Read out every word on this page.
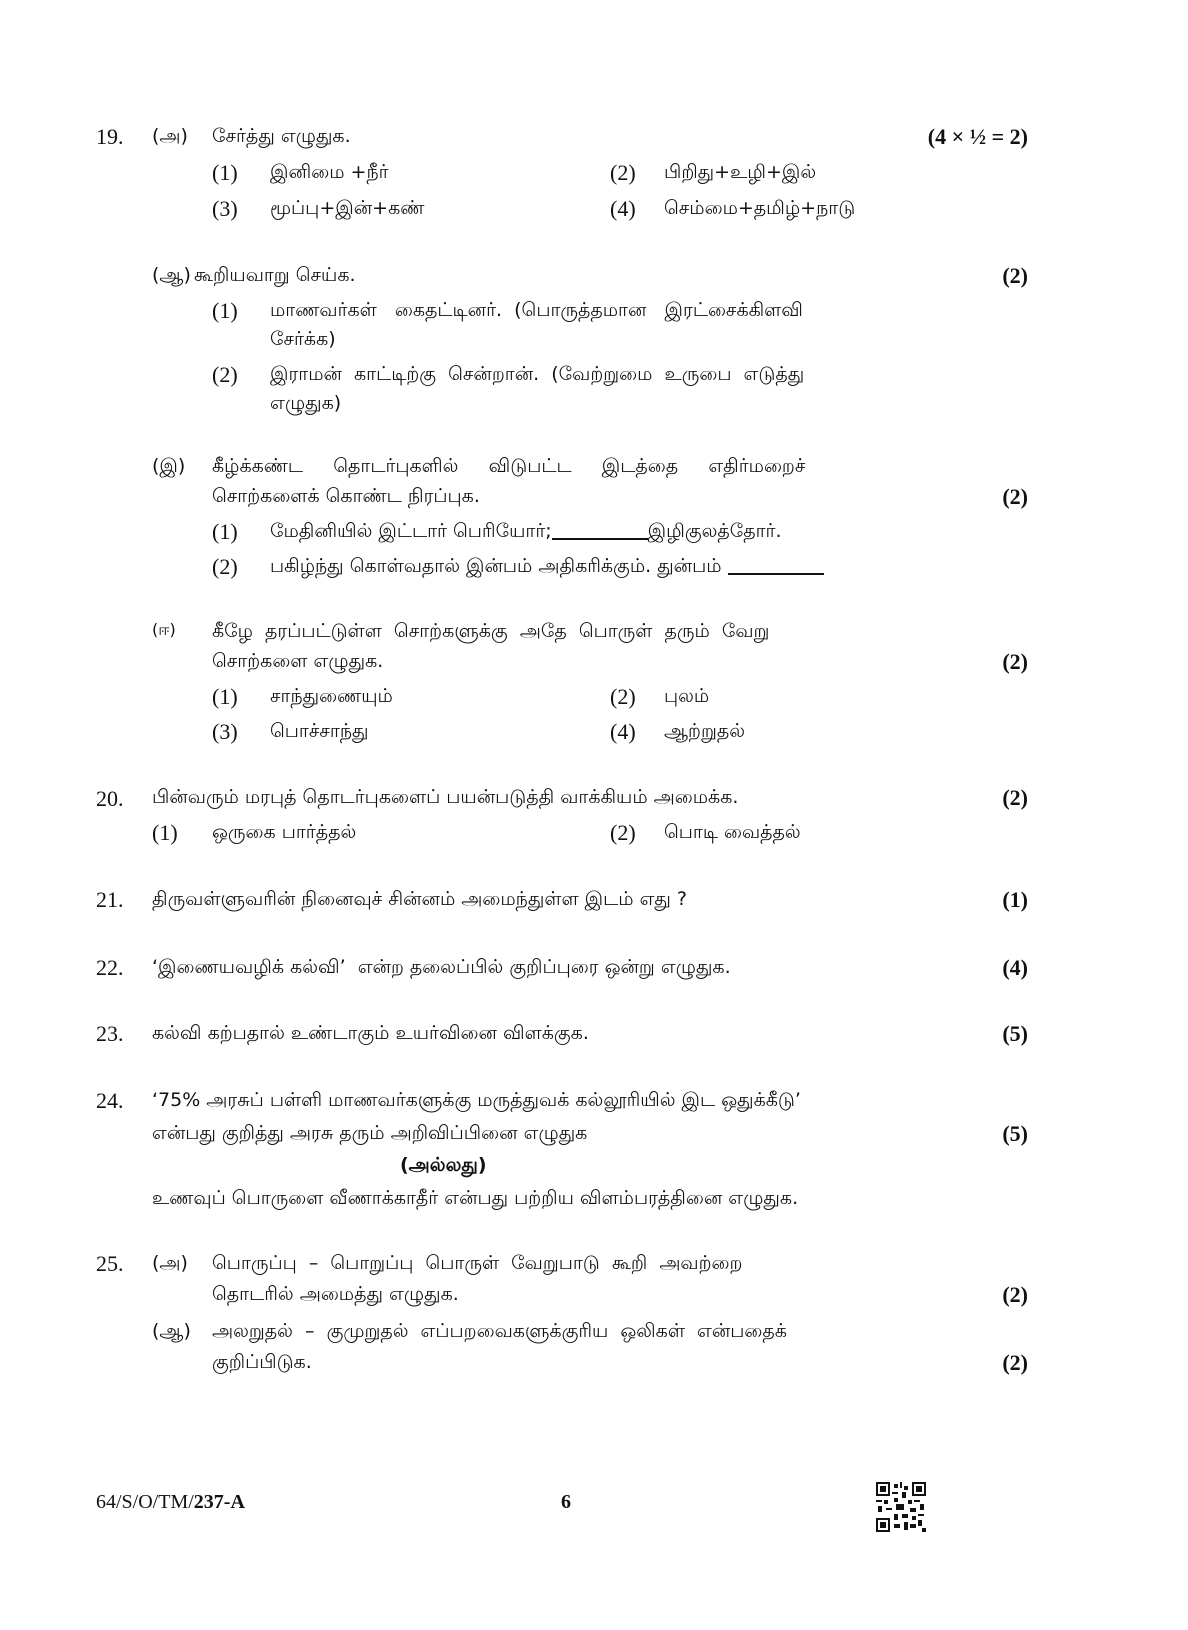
19. (அ) சேர்த்து எழுதுக.	(4 × ½ = 2)
(1) இனிமை +நீர்	(2) பிறிது+உழி+இல்
(3) மூப்பு+இன்+கண்	(4) செம்மை+தமிழ்+நாடு
(ஆ) கூறியவாறு செய்க.	(2)
(1) மாணவர்கள்   கைதட்டினர்.  (பொருத்தமான   இரட்சைக்கிளவி
சேர்க்க)
(2) இராமன்  காட்டிற்கு  சென்றான்.  (வேற்றுமை  உருபை  எடுத்து
எழுதுக)
(இ) கீழ்க்கண்ட     தொடர்புகளில்     விடுபட்ட     இடத்தை     எதிர்மறைச்
சொற்களைக் கொண்ட நிரப்புக.	(2)
(1) மேதினியில் இட்டார் பெரியோர்;	இழிகுலத்தோர்.
(2) பகிழ்ந்து கொள்வதால் இன்பம் அதிகரிக்கும். துன்பம்
(ஈ) கீழே  தரப்பட்டுள்ள  சொற்களுக்கு  அதே  பொருள்  தரும்  வேறு
சொற்களை எழுதுக.	(2)
(1) சாந்துணையும்	(2) புலம்
(3) பொச்சாந்து	(4) ஆற்றுதல்
20. பின்வரும் மரபுத் தொடர்புகளைப் பயன்படுத்தி வாக்கியம் அமைக்க.	(2)
(1) ஒருகை பார்த்தல்	(2) பொடி வைத்தல்
21. திருவள்ளுவரின் நினைவுச் சின்னம் அமைந்துள்ள இடம் எது ?	(1)
22. ‘இணையவழிக் கல்வி’  என்ற தலைப்பில் குறிப்புரை ஒன்று எழுதுக.	(4)
23. கல்வி கற்பதால் உண்டாகும் உயர்வினை விளக்குக.	(5)
24. ‘75% அரசுப் பள்ளி மாணவர்களுக்கு மருத்துவக் கல்லூரியில் இட ஒதுக்கீடு’
என்பது குறித்து அரசு தரும் அறிவிப்பினை எழுதுக	(5)
(அல்லது)
உணவுப் பொருளை வீணாக்காதீர் என்பது பற்றிய விளம்பரத்தினை எழுதுக.
25. (அ) பொருப்பு  –  பொறுப்பு  பொருள்  வேறுபாடு  கூறி  அவற்றை
தொடரில் அமைத்து எழுதுக.	(2)
(ஆ) அலறுதல்  –  குமுறுதல்  எப்பறவைகளுக்குரிய  ஒலிகள்  என்பதைக்
குறிப்பிடுக.	(2)
64/S/O/TM/237-A	6
